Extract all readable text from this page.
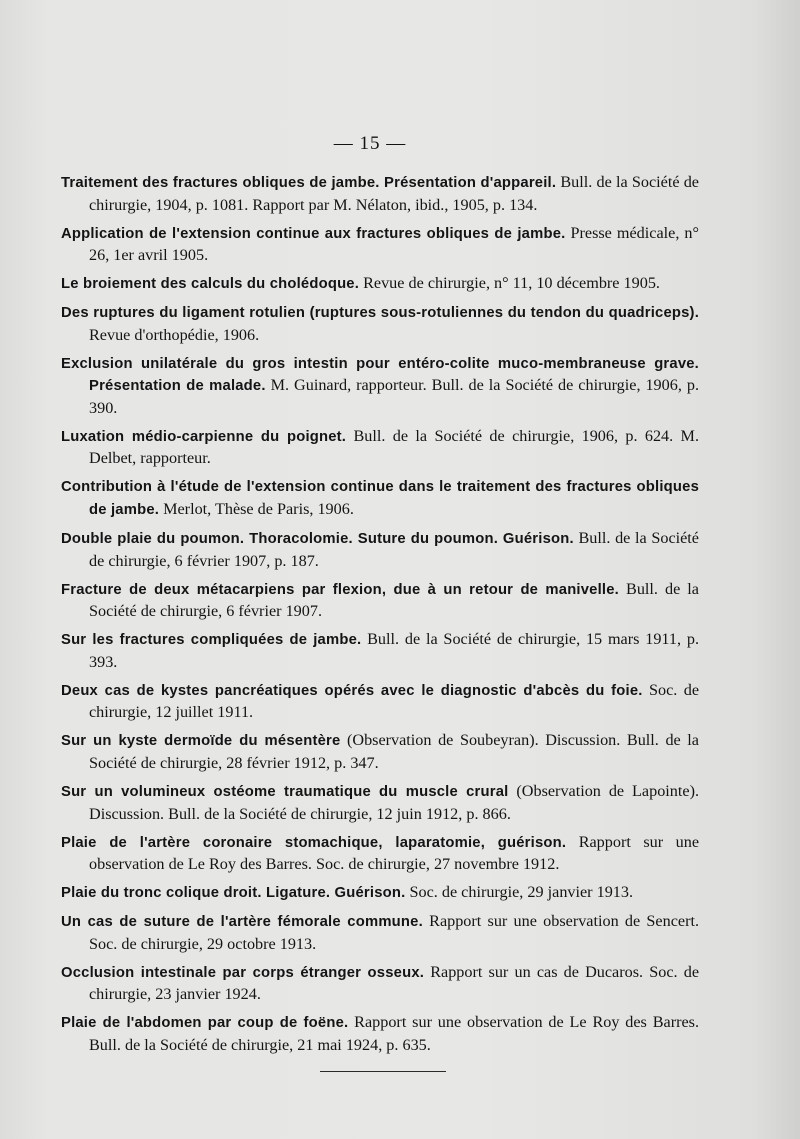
— 15 —

Traitement des fractures obliques de jambe. Présentation d'appareil. Bull. de la Société de chirurgie, 1904, p. 1081. Rapport par M. Nélaton, ibid., 1905, p. 134.

Application de l'extension continue aux fractures obliques de jambe. Presse médicale, n° 26, 1er avril 1905.

Le broiement des calculs du cholédoque. Revue de chirurgie, n° 11, 10 décembre 1905.

Des ruptures du ligament rotulien (ruptures sous-rotuliennes du tendon du quadriceps). Revue d'orthopédie, 1906.

Exclusion unilatérale du gros intestin pour entéro-colite muco-membraneuse grave. Présentation de malade. M. Guinard, rapporteur. Bull. de la Société de chirurgie, 1906, p. 390.

Luxation médio-carpienne du poignet. Bull. de la Société de chirurgie, 1906, p. 624. M. Delbet, rapporteur.

Contribution à l'étude de l'extension continue dans le traitement des fractures obliques de jambe. Merlot, Thèse de Paris, 1906.

Double plaie du poumon. Thoracolomie. Suture du poumon. Guérison. Bull. de la Société de chirurgie, 6 février 1907, p. 187.

Fracture de deux métacarpiens par flexion, due à un retour de manivelle. Bull. de la Société de chirurgie, 6 février 1907.

Sur les fractures compliquées de jambe. Bull. de la Société de chirurgie, 15 mars 1911, p. 393.

Deux cas de kystes pancréatiques opérés avec le diagnostic d'abcès du foie. Soc. de chirurgie, 12 juillet 1911.

Sur un kyste dermoïde du mésentère (Observation de Soubeyran). Discussion. Bull. de la Société de chirurgie, 28 février 1912, p. 347.

Sur un volumineux ostéome traumatique du muscle crural (Observation de Lapointe). Discussion. Bull. de la Société de chirurgie, 12 juin 1912, p. 866.

Plaie de l'artère coronaire stomachique, laparatomie, guérison. Rapport sur une observation de Le Roy des Barres. Soc. de chirurgie, 27 novembre 1912.

Plaie du tronc colique droit. Ligature. Guérison. Soc. de chirurgie, 29 janvier 1913.

Un cas de suture de l'artère fémorale commune. Rapport sur une observation de Sencert. Soc. de chirurgie, 29 octobre 1913.

Occlusion intestinale par corps étranger osseux. Rapport sur un cas de Ducaros. Soc. de chirurgie, 23 janvier 1924.

Plaie de l'abdomen par coup de foëne. Rapport sur une observation de Le Roy des Barres. Bull. de la Société de chirurgie, 21 mai 1924, p. 635.
